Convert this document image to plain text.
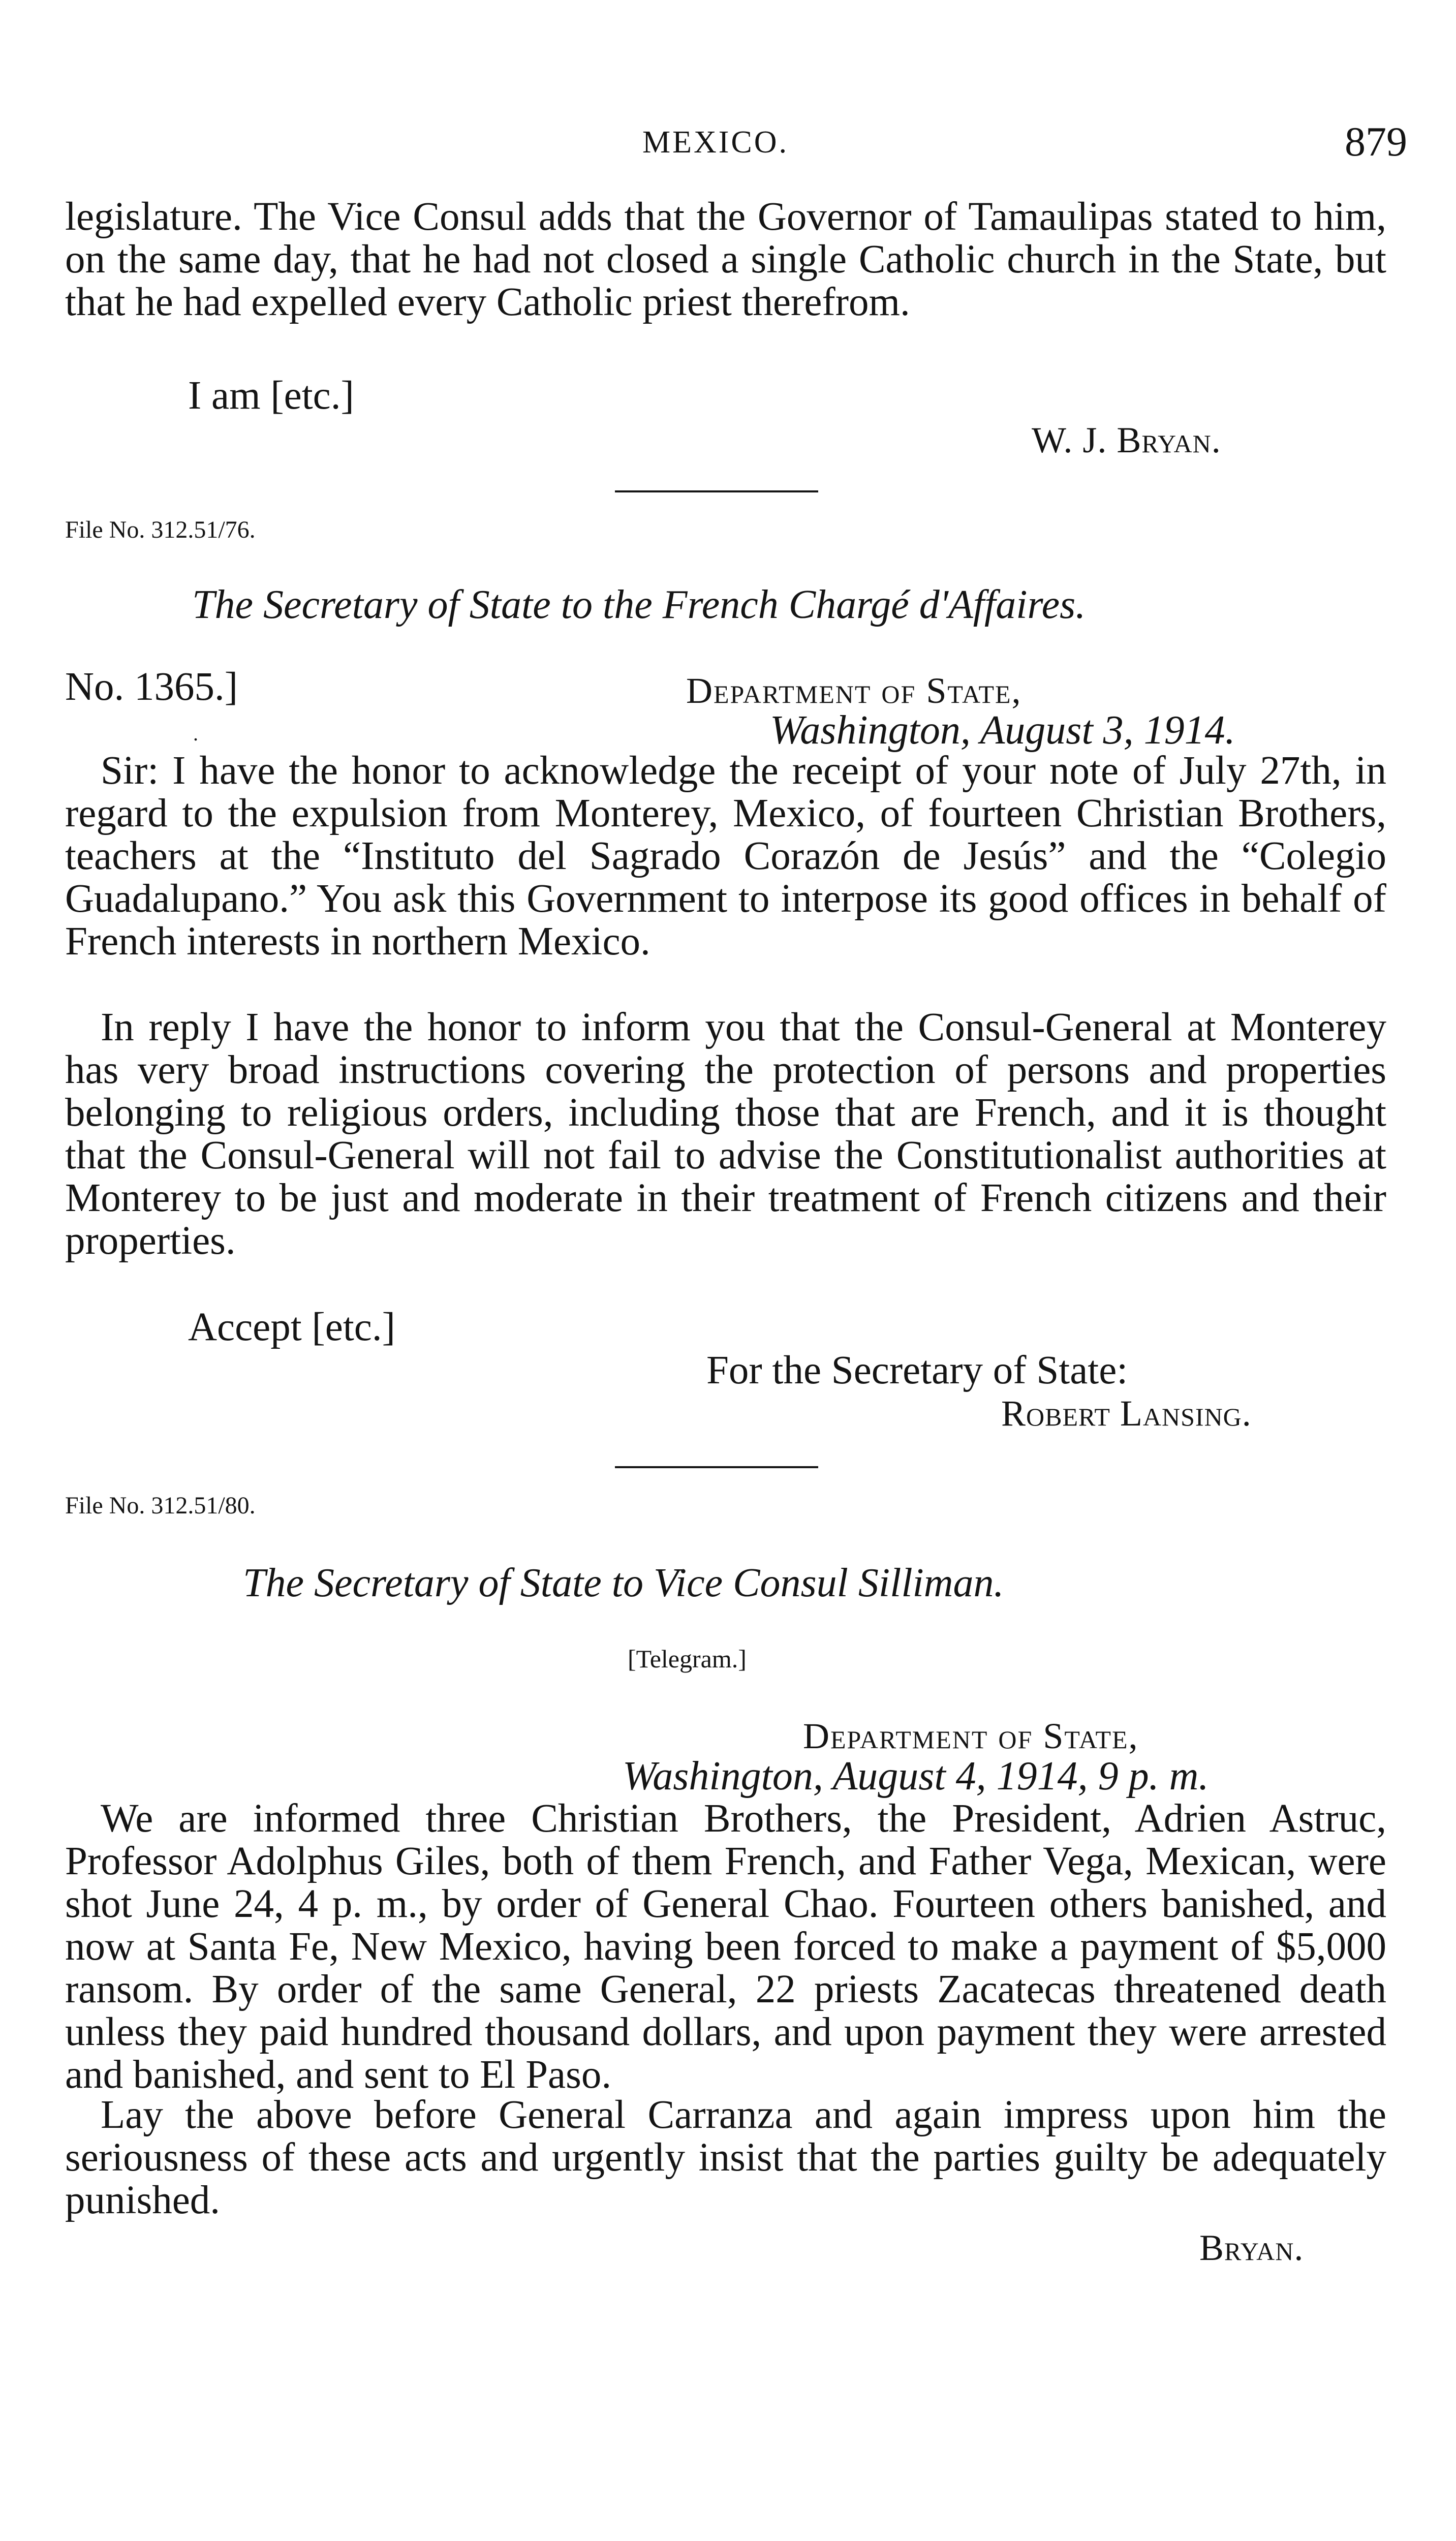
MEXICO.	879
legislature. The Vice Consul adds that the Governor of Tamaulipas stated to him, on the same day, that he had not closed a single Catholic church in the State, but that he had expelled every Catholic priest therefrom.
I am [etc.]
W. J. Bryan.
File No. 312.51/76.
The Secretary of State to the French Chargé d'Affaires.
No. 1365.]	Department of State,
.	Washington, August 3, 1914.
Sir: I have the honor to acknowledge the receipt of your note of July 27th, in regard to the expulsion from Monterey, Mexico, of fourteen Christian Brothers, teachers at the “Instituto del Sagrado Corazón de Jesús” and the “Colegio Guadalupano.” You ask this Government to interpose its good offices in behalf of French interests in northern Mexico.
In reply I have the honor to inform you that the Consul-General at Monterey has very broad instructions covering the protection of persons and properties belonging to religious orders, including those that are French, and it is thought that the Consul-General will not fail to advise the Constitutionalist authorities at Monterey to be just and moderate in their treatment of French citizens and their properties.
Accept [etc.]
For the Secretary of State:
Robert Lansing.
File No. 312.51/80.
The Secretary of State to Vice Consul Silliman.
[Telegram.]
Department of State,
Washington, August 4, 1914, 9 p. m.
We are informed three Christian Brothers, the President, Adrien Astruc, Professor Adolphus Giles, both of them French, and Father Vega, Mexican, were shot June 24, 4 p. m., by order of General Chao. Fourteen others banished, and now at Santa Fe, New Mexico, having been forced to make a payment of $5,000 ransom. By order of the same General, 22 priests Zacatecas threatened death unless they paid hundred thousand dollars, and upon payment they were arrested and banished, and sent to El Paso.
Lay the above before General Carranza and again impress upon him the seriousness of these acts and urgently insist that the parties guilty be adequately punished.
Bryan.
